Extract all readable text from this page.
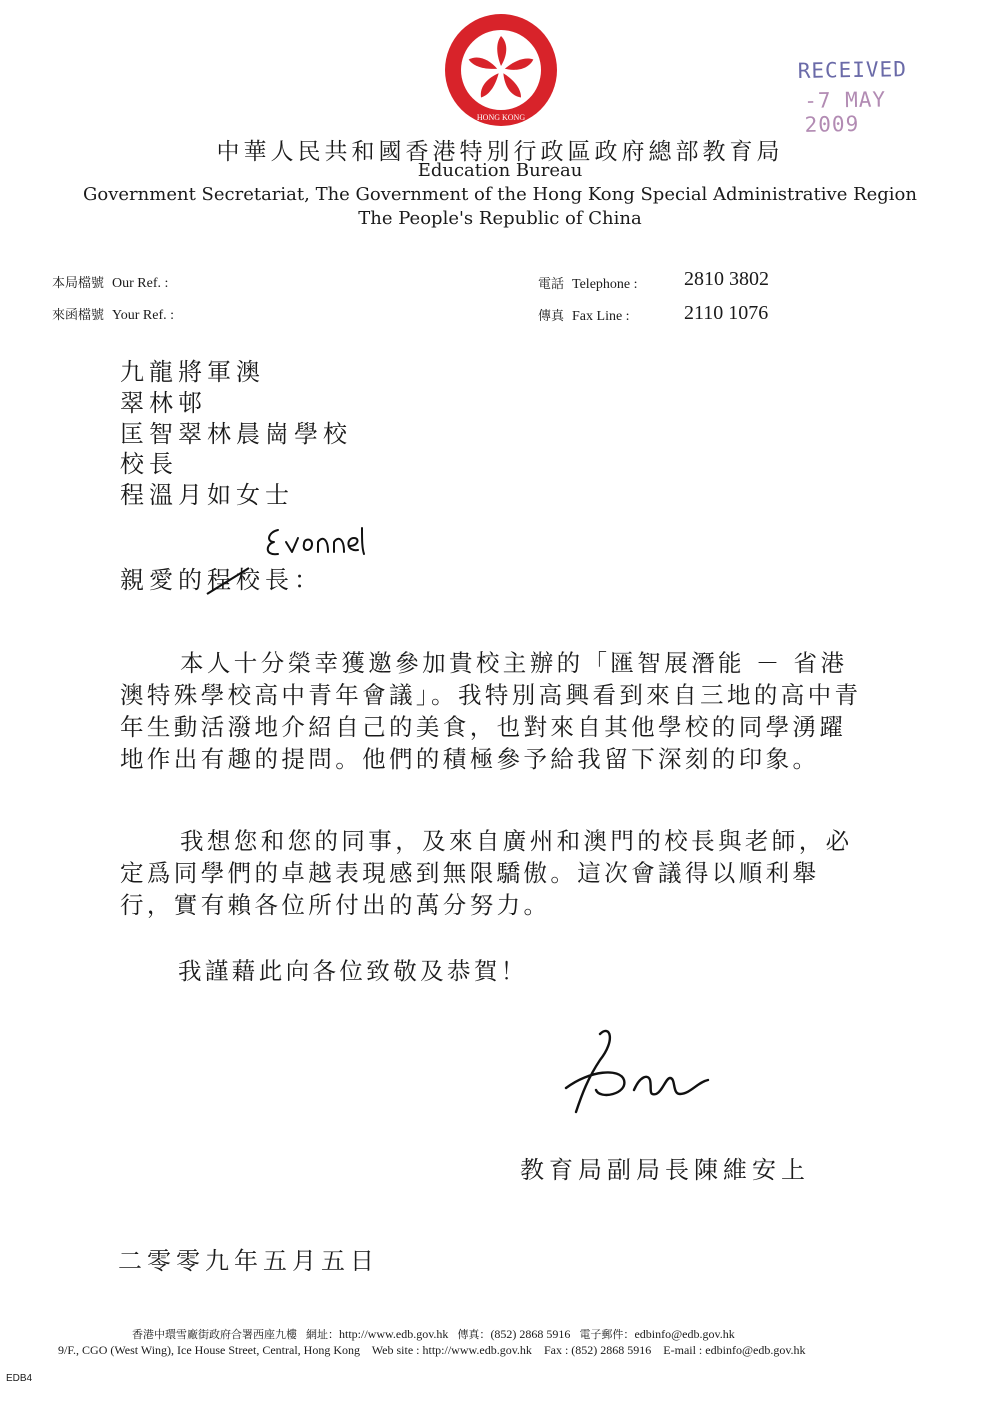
HONG KONG
RECEIVED
-7 MAY 2009
中華人民共和國香港特別行政區政府總部教育局
Education Bureau
Government Secretariat, The Government of the Hong Kong Special Administrative Region
The People's Republic of China
本局檔號 Our Ref. :
來函檔號 Your Ref. :
電話 Telephone : 2810 3802
傳真 Fax Line :	2110 1076
九龍將軍澳
翠林邨
匡智翠林晨崗學校
校長
程溫月如女士
親愛的程校長：
本人十分榮幸獲邀參加貴校主辦的「匯智展潛能 － 省港澳特殊學校高中青年會議」。我特別高興看到來自三地的高中青年生動活潑地介紹自己的美食，也對來自其他學校的同學湧躍地作出有趣的提問。他們的積極參予給我留下深刻的印象。
我想您和您的同事，及來自廣州和澳門的校長與老師，必定爲同學們的卓越表現感到無限驕傲。這次會議得以順利舉行，實有賴各位所付出的萬分努力。
我謹藉此向各位致敬及恭賀！
教育局副局長陳維安上
二零零九年五月五日
香港中環雪廠街政府合署西座九樓 網址：http://www.edb.gov.hk 傳真：(852) 2868 5916 電子郵件：edbinfo@edb.gov.hk
9/F., CGO (West Wing), Ice House Street, Central, Hong Kong Web site : http://www.edb.gov.hk Fax : (852) 2868 5916 E-mail : edbinfo@edb.gov.hk
EDB4
